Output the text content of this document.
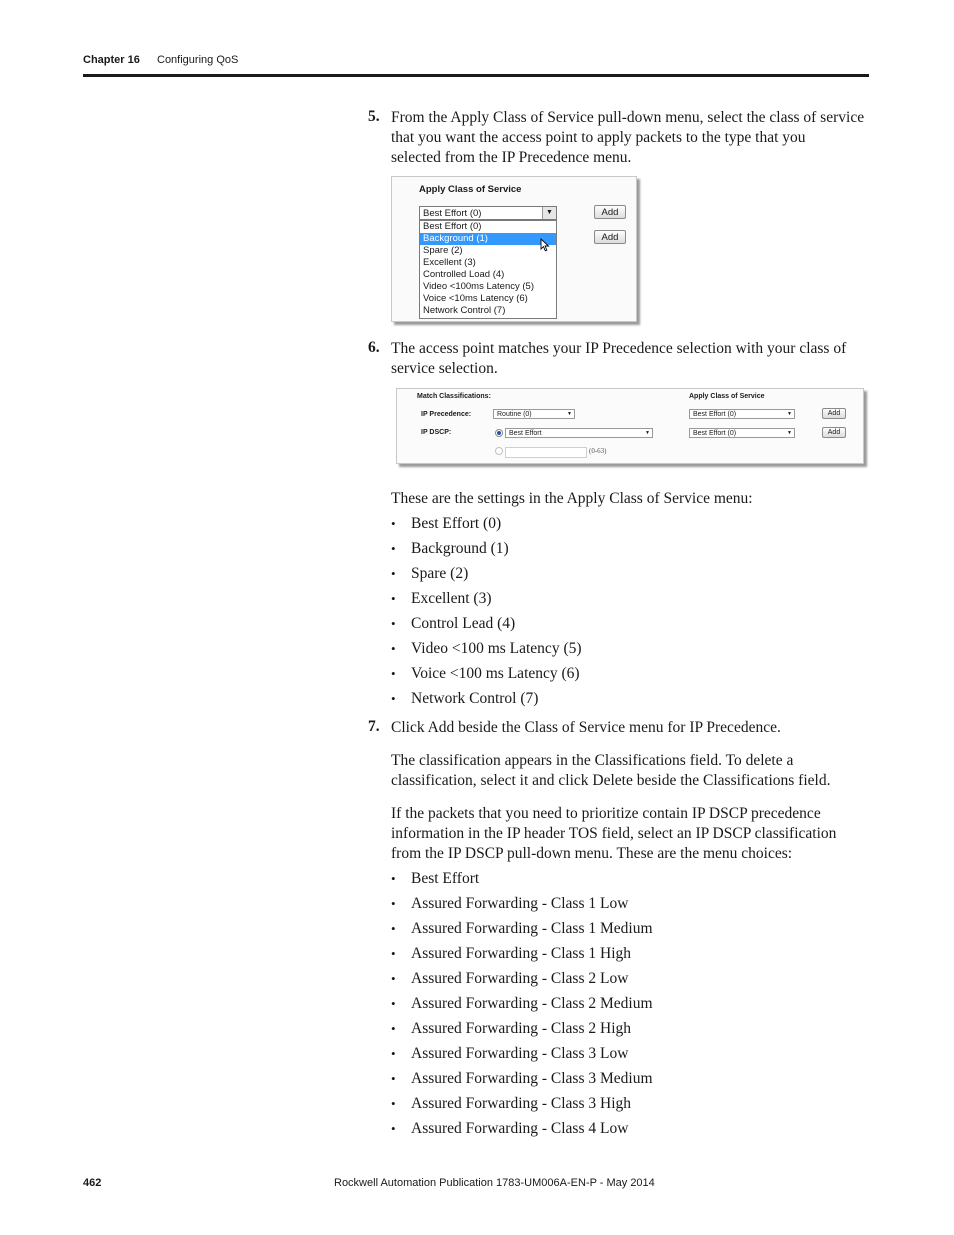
Chapter 16 Configuring QoS
5. From the Apply Class of Service pull-down menu, select the class of service
that you want the access point to apply packets to the type that you
selected from the IP Precedence menu.
Apply Class of Service
Best Effort (0)	▼
Best Effort (0)
Background (1)
Spare (2)
Excellent (3)
Controlled Load (4)
Video <100ms Latency (5)
Voice <10ms Latency (6)
Network Control (7)
Add
Add
6. The access point matches your IP Precedence selection with your class of
service selection.
Match Classifications:	Apply Class of Service
IP Precedence:	Routine (0)	▼	Best Effort (0)	▼	Add
IP DSCP:	Best Effort	▼	Best Effort (0)	▼	Add
(0-63)
These are the settings in the Apply Class of Service menu:
• Best Effort (0)
• Background (1)
• Spare (2)
• Excellent (3)
• Control Lead (4)
• Video <100 ms Latency (5)
• Voice <100 ms Latency (6)
• Network Control (7)
7. Click Add beside the Class of Service menu for IP Precedence.
The classification appears in the Classifications field. To delete a
classification, select it and click Delete beside the Classifications field.
If the packets that you need to prioritize contain IP DSCP precedence
information in the IP header TOS field, select an IP DSCP classification
from the IP DSCP pull-down menu. These are the menu choices:
• Best Effort
• Assured Forwarding - Class 1 Low
• Assured Forwarding - Class 1 Medium
• Assured Forwarding - Class 1 High
• Assured Forwarding - Class 2 Low
• Assured Forwarding - Class 2 Medium
• Assured Forwarding - Class 2 High
• Assured Forwarding - Class 3 Low
• Assured Forwarding - Class 3 Medium
• Assured Forwarding - Class 3 High
• Assured Forwarding - Class 4 Low
462	Rockwell Automation Publication 1783-UM006A-EN-P - May 2014
